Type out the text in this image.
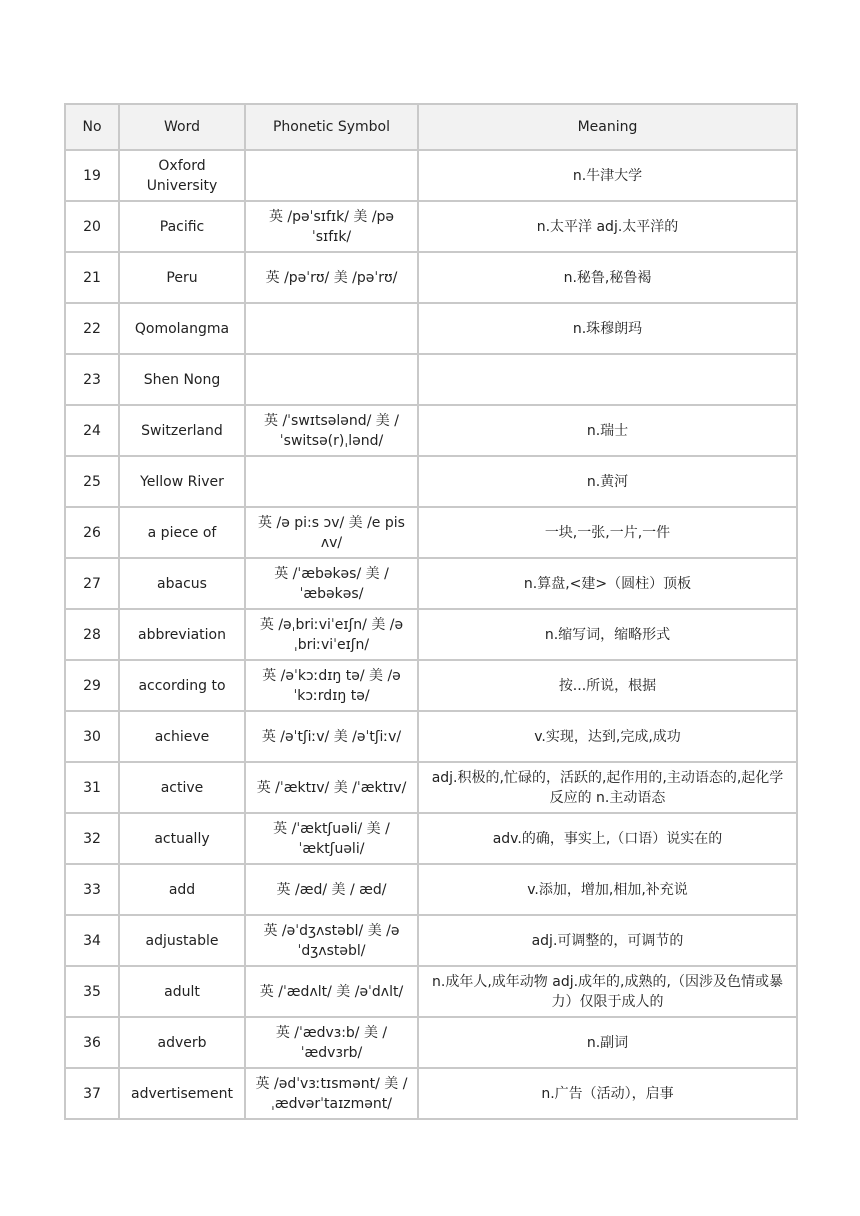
No	Word	Phonetic Symbol	Meaning
19	Oxford University		n.牛津大学
20	Pacific	英 /pəˈsɪfɪk/ 美 /pəˈsɪfɪk/	n.太平洋 adj.太平洋的
21	Peru	英 /pəˈrʊ/ 美 /pəˈrʊ/	n.秘鲁,秘鲁褐
22	Qomolangma		n.珠穆朗玛
23	Shen Nong		
24	Switzerland	英 /ˈswɪtsələnd/ 美 /ˈswitsə(r)ˌlənd/	n.瑞士
25	Yellow River		n.黄河
26	a piece of	英 /ə pi:s ɔv/ 美 /e pis ʌv/	一块,一张,一片,一件
27	abacus	英 /ˈæbəkəs/ 美 /ˈæbəkəs/	n.算盘,<建>（圆柱）顶板
28	abbreviation	英 /əˌbriːviˈeɪʃn/ 美 /əˌbriːviˈeɪʃn/	n.缩写词，缩略形式
29	according to	英 /əˈkɔːdɪŋ tə/ 美 /əˈkɔːrdɪŋ tə/	按...所说，根据
30	achieve	英 /əˈtʃiːv/ 美 /əˈtʃiːv/	v.实现，达到,完成,成功
31	active	英 /ˈæktɪv/ 美 /ˈæktɪv/	adj.积极的,忙碌的，活跃的,起作用的,主动语态的,起化学反应的 n.主动语态
32	actually	英 /ˈæktʃuəli/ 美 /ˈæktʃuəli/	adv.的确，事实上,（口语）说实在的
33	add	英 /æd/ 美 / æd/	v.添加，增加,相加,补充说
34	adjustable	英 /əˈdʒʌstəbl/ 美 /əˈdʒʌstəbl/	adj.可调整的，可调节的
35	adult	英 /ˈædʌlt/ 美 /əˈdʌlt/	n.成年人,成年动物 adj.成年的,成熟的,（因涉及色情或暴力）仅限于成人的
36	adverb	英 /ˈædvɜ:b/ 美 /ˈædvɜrb/	n.副词
37	advertisement	英 /ədˈvɜːtɪsmənt/ 美 /ˌædvərˈtaɪzmənt/	n.广告（活动），启事
